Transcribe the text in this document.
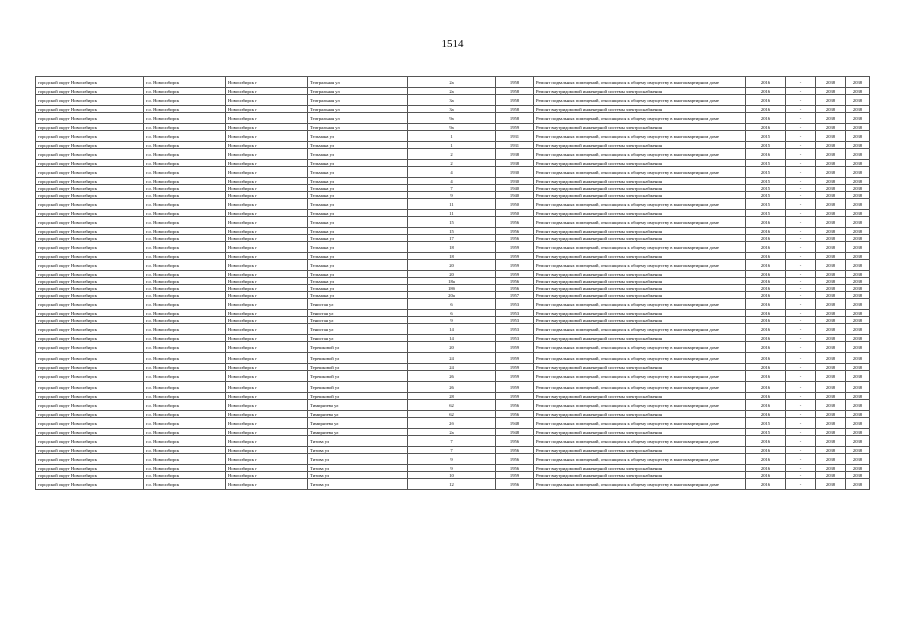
1514
городской округ Новосибирск	г.о. Новосибирск	Новосибирск г	Театральная ул	2а	1958	Ремонт подвальных помещений, относящихся к общему имуществу в многоквартирном доме	2016	-	2038	2038
городской округ Новосибирск	г.о. Новосибирск	Новосибирск г	Театральная ул	2а	1958	Ремонт внутридомовой инженерной системы электроснабжения	2016	-	2038	2038
городской округ Новосибирск	г.о. Новосибирск	Новосибирск г	Театральная ул	3а	1958	Ремонт подвальных помещений, относящихся к общему имуществу в многоквартирном доме	2016	-	2038	2038
городской округ Новосибирск	г.о. Новосибирск	Новосибирск г	Театральная ул	3а	1958	Ремонт внутридомовой инженерной системы электроснабжения	2016	-	2038	2038
городской округ Новосибирск	г.о. Новосибирск	Новосибирск г	Театральная ул	9а	1958	Ремонт подвальных помещений, относящихся к общему имуществу в многоквартирном доме	2016	-	2038	2038
городской округ Новосибирск	г.о. Новосибирск	Новосибирск г	Театральная ул	9а	1959	Ремонт внутридомовой инженерной системы электроснабжения	2016	-	2038	2038
городской округ Новосибирск	г.о. Новосибирск	Новосибирск г	Тельмана ул	1	1931	Ремонт подвальных помещений, относящихся к общему имуществу в многоквартирном доме	2015	-	2038	2038
городской округ Новосибирск	г.о. Новосибирск	Новосибирск г	Тельмана ул	1	1931	Ремонт внутридомовой инженерной системы электроснабжения	2015	-	2038	2038
городской округ Новосибирск	г.о. Новосибирск	Новосибирск г	Тельмана ул	2	1938	Ремонт подвальных помещений, относящихся к общему имуществу в многоквартирном доме	2016	-	2038	2038
городской округ Новосибирск	г.о. Новосибирск	Новосибирск г	Тельмана ул	2	1938	Ремонт внутридомовой инженерной системы электроснабжения	2015	-	2038	2038
городской округ Новосибирск	г.о. Новосибирск	Новосибирск г	Тельмана ул	4	1930	Ремонт подвальных помещений, относящихся к общему имуществу в многоквартирном доме	2015	-	2038	2038
городской округ Новосибирск	г.о. Новосибирск	Новосибирск г	Тельмана ул	4	1930	Ремонт внутридомовой инженерной системы электроснабжения	2015	-	2038	2038
городской округ Новосибирск	г.о. Новосибирск	Новосибирск г	Тельмана ул	7	1940	Ремонт внутридомовой инженерной системы электроснабжения	2015	-	2038	2038
городской округ Новосибирск	г.о. Новосибирск	Новосибирск г	Тельмана ул	9	1940	Ремонт внутридомовой инженерной системы электроснабжения	2015	-	2038	2038
городской округ Новосибирск	г.о. Новосибирск	Новосибирск г	Тельмана ул	11	1950	Ремонт подвальных помещений, относящихся к общему имуществу в многоквартирном доме	2015	-	2038	2038
городской округ Новосибирск	г.о. Новосибирск	Новосибирск г	Тельмана ул	11	1950	Ремонт внутридомовой инженерной системы электроснабжения	2015	-	2038	2038
городской округ Новосибирск	г.о. Новосибирск	Новосибирск г	Тельмана ул	15	1956	Ремонт подвальных помещений, относящихся к общему имуществу в многоквартирном доме	2016	-	2038	2038
городской округ Новосибирск	г.о. Новосибирск	Новосибирск г	Тельмана ул	15	1956	Ремонт внутридомовой инженерной системы электроснабжения	2016	-	2038	2038
городской округ Новосибирск	г.о. Новосибирск	Новосибирск г	Тельмана ул	17	1956	Ремонт внутридомовой инженерной системы электроснабжения	2016	-	2038	2038
городской округ Новосибирск	г.о. Новосибирск	Новосибирск г	Тельмана ул	18	1959	Ремонт подвальных помещений, относящихся к общему имуществу в многоквартирном доме	2016	-	2038	2038
городской округ Новосибирск	г.о. Новосибирск	Новосибирск г	Тельмана ул	18	1959	Ремонт внутридомовой инженерной системы электроснабжения	2016	-	2038	2038
городской округ Новосибирск	г.о. Новосибирск	Новосибирск г	Тельмана ул	20	1959	Ремонт подвальных помещений, относящихся к общему имуществу в многоквартирном доме	2016	-	2038	2038
городской округ Новосибирск	г.о. Новосибирск	Новосибирск г	Тельмана ул	20	1959	Ремонт внутридомовой инженерной системы электроснабжения	2016	-	2038	2038
городской округ Новосибирск	г.о. Новосибирск	Новосибирск г	Тельмана ул	18а	1956	Ремонт внутридомовой инженерной системы электроснабжения	2016	-	2038	2038
городской округ Новосибирск	г.о. Новосибирск	Новосибирск г	Тельмана ул	18б	1956	Ремонт внутридомовой инженерной системы электроснабжения	2016	-	2038	2038
городской округ Новосибирск	г.о. Новосибирск	Новосибирск г	Тельмана ул	20а	1957	Ремонт внутридомовой инженерной системы электроснабжения	2016	-	2038	2038
городской округ Новосибирск	г.о. Новосибирск	Новосибирск г	Тенистая ул	6	1953	Ремонт подвальных помещений, относящихся к общему имуществу в многоквартирном доме	2016	-	2038	2038
городской округ Новосибирск	г.о. Новосибирск	Новосибирск г	Тенистая ул	6	1953	Ремонт внутридомовой инженерной системы электроснабжения	2016	-	2038	2038
городской округ Новосибирск	г.о. Новосибирск	Новосибирск г	Тенистая ул	9	1953	Ремонт внутридомовой инженерной системы электроснабжения	2016	-	2038	2038
городской округ Новосибирск	г.о. Новосибирск	Новосибирск г	Тенистая ул	14	1953	Ремонт подвальных помещений, относящихся к общему имуществу в многоквартирном доме	2016	-	2038	2038
городской округ Новосибирск	г.о. Новосибирск	Новосибирск г	Тенистая ул	14	1953	Ремонт внутридомовой инженерной системы электроснабжения	2016	-	2038	2038
городской округ Новосибирск	г.о. Новосибирск	Новосибирск г	Терешковой ул	20	1959	Ремонт подвальных помещений, относящихся к общему имуществу в многоквартирном доме	2016	-	2038	2038
городской округ Новосибирск	г.о. Новосибирск	Новосибирск г	Терешковой ул	24	1959	Ремонт подвальных помещений, относящихся к общему имуществу в многоквартирном доме	2016	-	2038	2038
городской округ Новосибирск	г.о. Новосибирск	Новосибирск г	Терешковой ул	24	1959	Ремонт внутридомовой инженерной системы электроснабжения	2016	-	2038	2038
городской округ Новосибирск	г.о. Новосибирск	Новосибирск г	Терешковой ул	26	1959	Ремонт подвальных помещений, относящихся к общему имуществу в многоквартирном доме	2016	-	2038	2038
городской округ Новосибирск	г.о. Новосибирск	Новосибирск г	Терешковой ул	26	1959	Ремонт подвальных помещений, относящихся к общему имуществу в многоквартирном доме	2016	-	2038	2038
городской округ Новосибирск	г.о. Новосибирск	Новосибирск г	Терешковой ул	28	1959	Ремонт внутридомовой инженерной системы электроснабжения	2016	-	2038	2038
городской округ Новосибирск	г.о. Новосибирск	Новосибирск г	Тимирязева ул	62	1956	Ремонт подвальных помещений, относящихся к общему имуществу в многоквартирном доме	2016	-	2038	2038
городской округ Новосибирск	г.о. Новосибирск	Новосибирск г	Тимирязева ул	62	1956	Ремонт внутридомовой инженерной системы электроснабжения	2016	-	2038	2038
городской округ Новосибирск	г.о. Новосибирск	Новосибирск г	Тимирязева ул	2б	1948	Ремонт подвальных помещений, относящихся к общему имуществу в многоквартирном доме	2015	-	2038	2038
городской округ Новосибирск	г.о. Новосибирск	Новосибирск г	Тимирязева ул	2а	1948	Ремонт внутридомовой инженерной системы электроснабжения	2015	-	2038	2038
городской округ Новосибирск	г.о. Новосибирск	Новосибирск г	Титова ул	7	1956	Ремонт подвальных помещений, относящихся к общему имуществу в многоквартирном доме	2016	-	2038	2038
городской округ Новосибирск	г.о. Новосибирск	Новосибирск г	Титова ул	7	1956	Ремонт внутридомовой инженерной системы электроснабжения	2016	-	2038	2038
городской округ Новосибирск	г.о. Новосибирск	Новосибирск г	Титова ул	9	1956	Ремонт подвальных помещений, относящихся к общему имуществу в многоквартирном доме	2016	-	2038	2038
городской округ Новосибирск	г.о. Новосибирск	Новосибирск г	Титова ул	9	1956	Ремонт внутридомовой инженерной системы электроснабжения	2016	-	2038	2038
городской округ Новосибирск	г.о. Новосибирск	Новосибирск г	Титова ул	10	1959	Ремонт внутридомовой инженерной системы электроснабжения	2016	-	2038	2038
городской округ Новосибирск	г.о. Новосибирск	Новосибирск г	Титова ул	12	1956	Ремонт подвальных помещений, относящихся к общему имуществу в многоквартирном доме	2016	-	2038	2038
